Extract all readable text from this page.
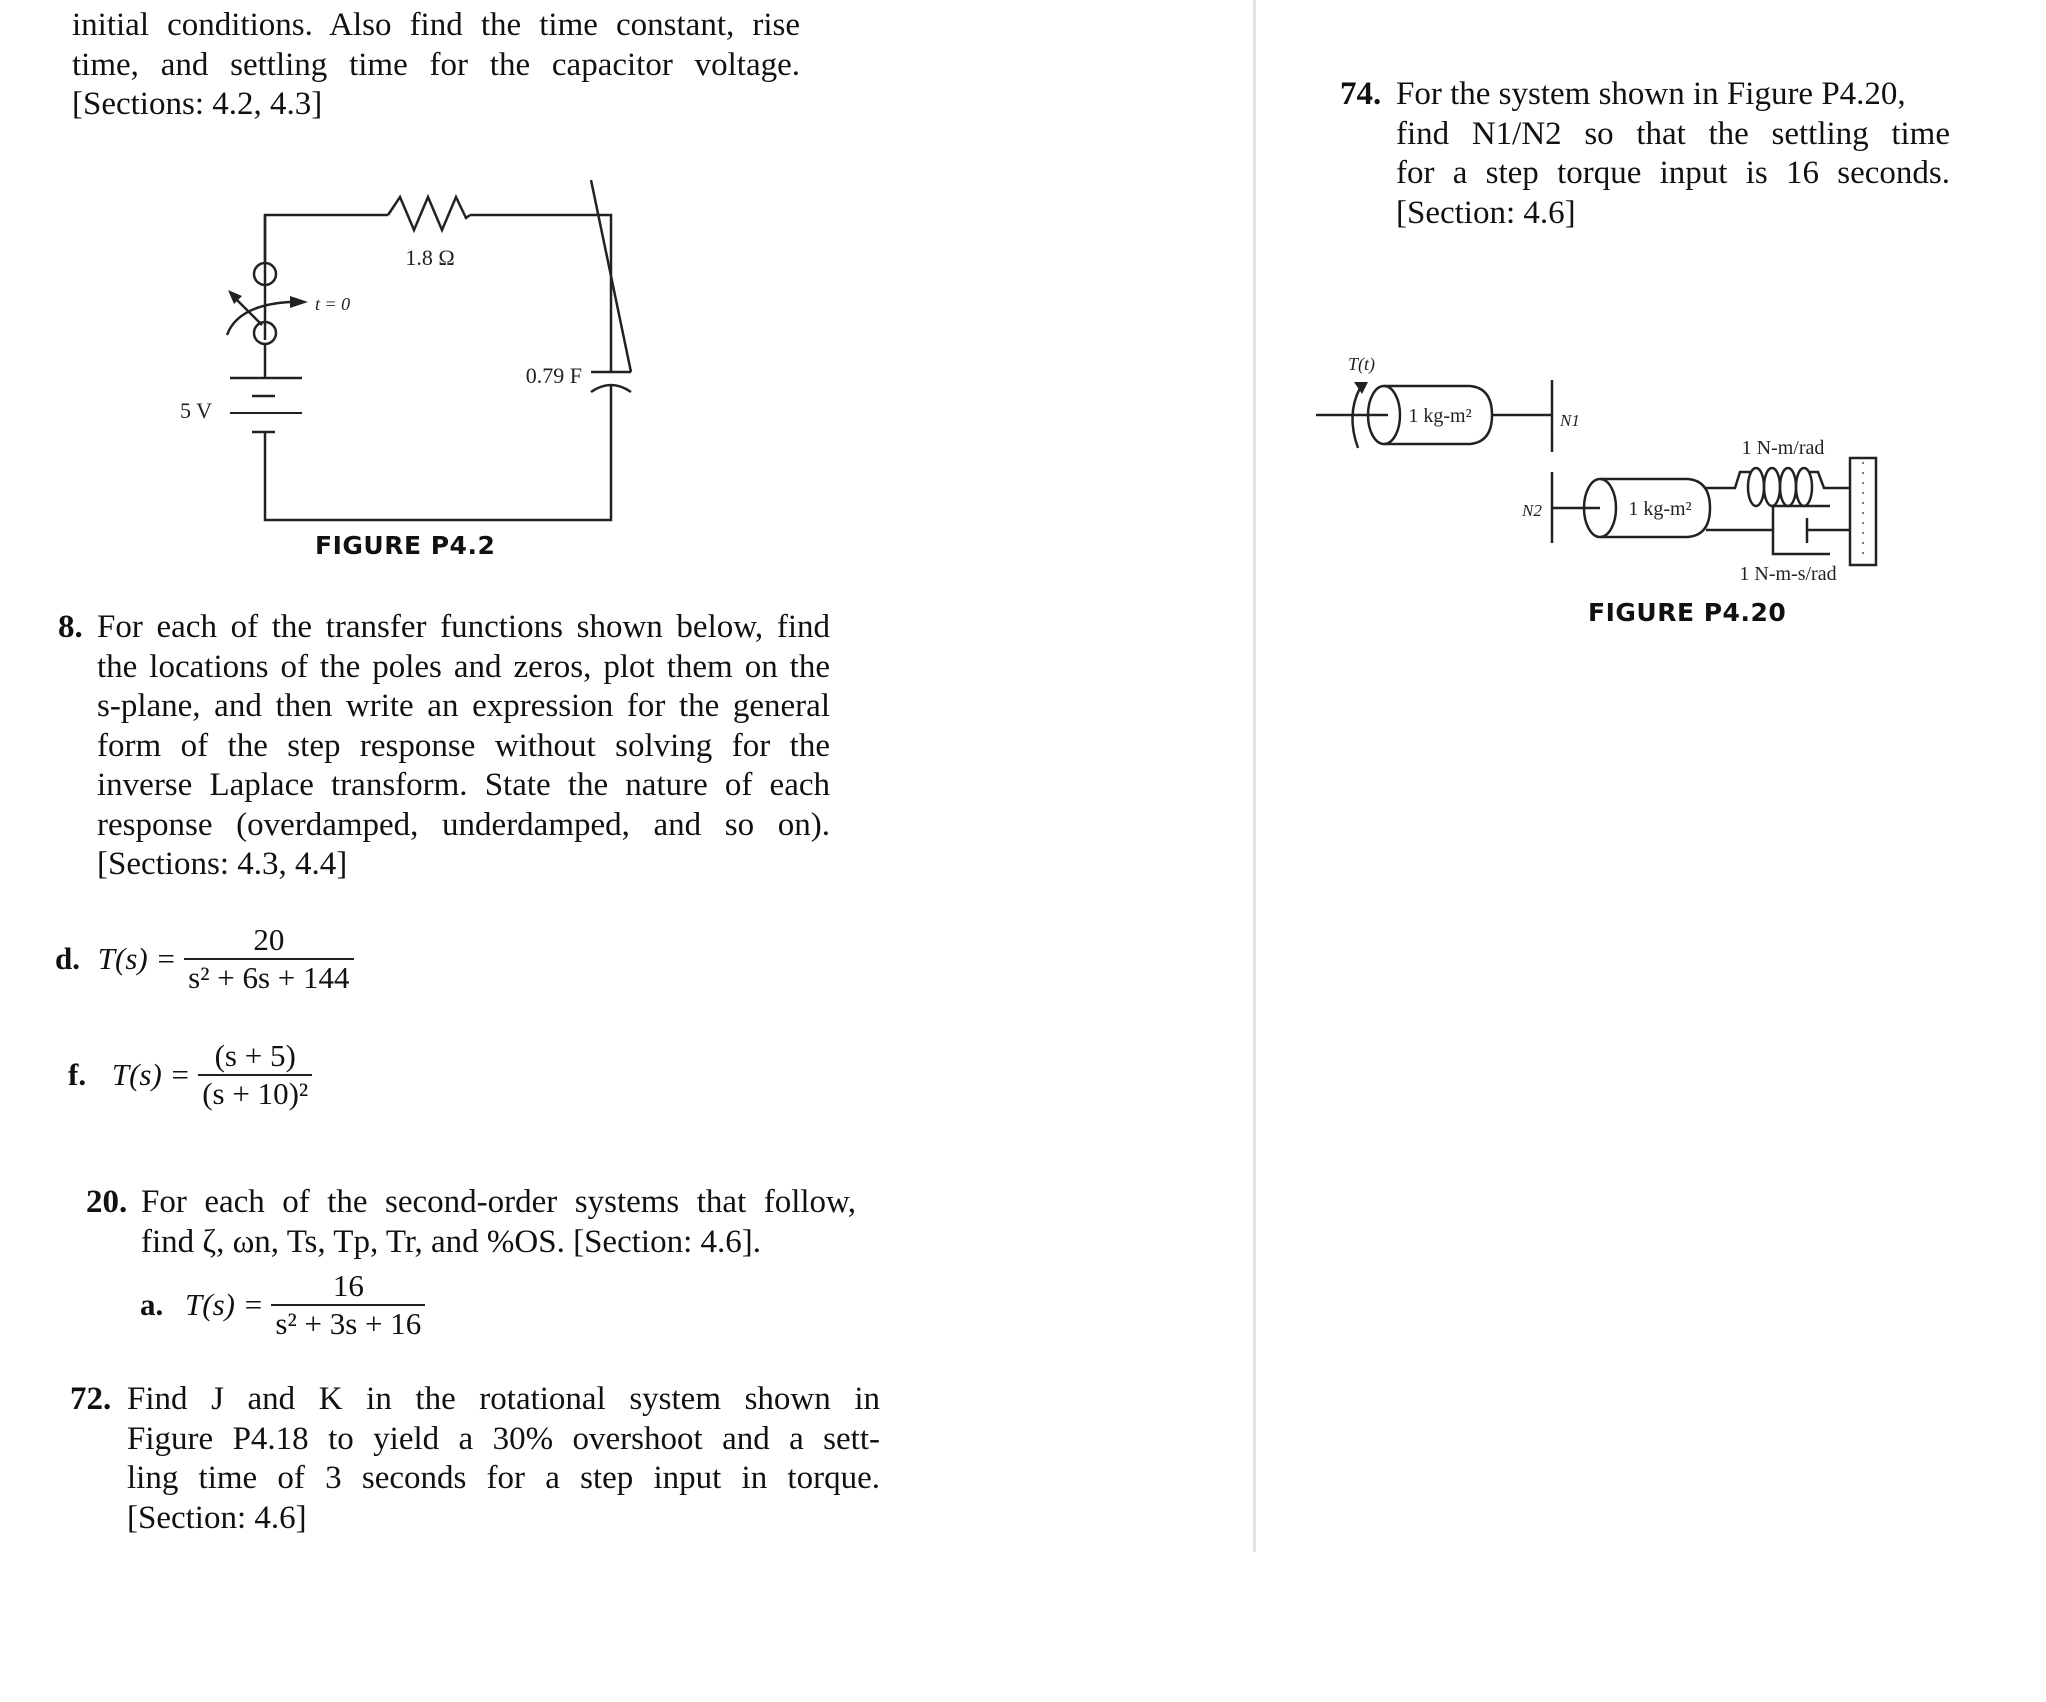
initial conditions. Also find the time constant, rise
time, and settling time for the capacitor voltage.
[Sections: 4.2, 4.3]
1.8 Ω
t = 0
5 V
0.79 F
FIGURE P4.2
8. For each of the transfer functions shown below, find
the locations of the poles and zeros, plot them on the
s-plane, and then write an expression for the general
form of the step response without solving for the
inverse Laplace transform. State the nature of each
response (overdamped, underdamped, and so on).
[Sections: 4.3, 4.4]
d. $T(s) = \frac{20}{\text{s² + 6s + 144}}$
f. $T(s) = \frac{(s + 5)}{\text{(s + 10)²}}$
20. For each of the second-order systems that follow,
find ζ, ωn, Ts, Tp, Tr, and %OS. [Section: 4.6].
a. $T(s) = \frac{16}{\text{s² + 3s + 16}}$
72. Find J and K in the rotational system shown in
Figure P4.18 to yield a 30% overshoot and a sett-
ling time of 3 seconds for a step input in torque.
[Section: 4.6]
74. For the system shown in Figure P4.20,
find N1/N2 so that the settling time
for a step torque input is 16 seconds.
[Section: 4.6]
T(t)
1 kg-m²	N1
N2	1 kg-m²
1 N-m/rad
1 N-m-s/rad
FIGURE P4.20
